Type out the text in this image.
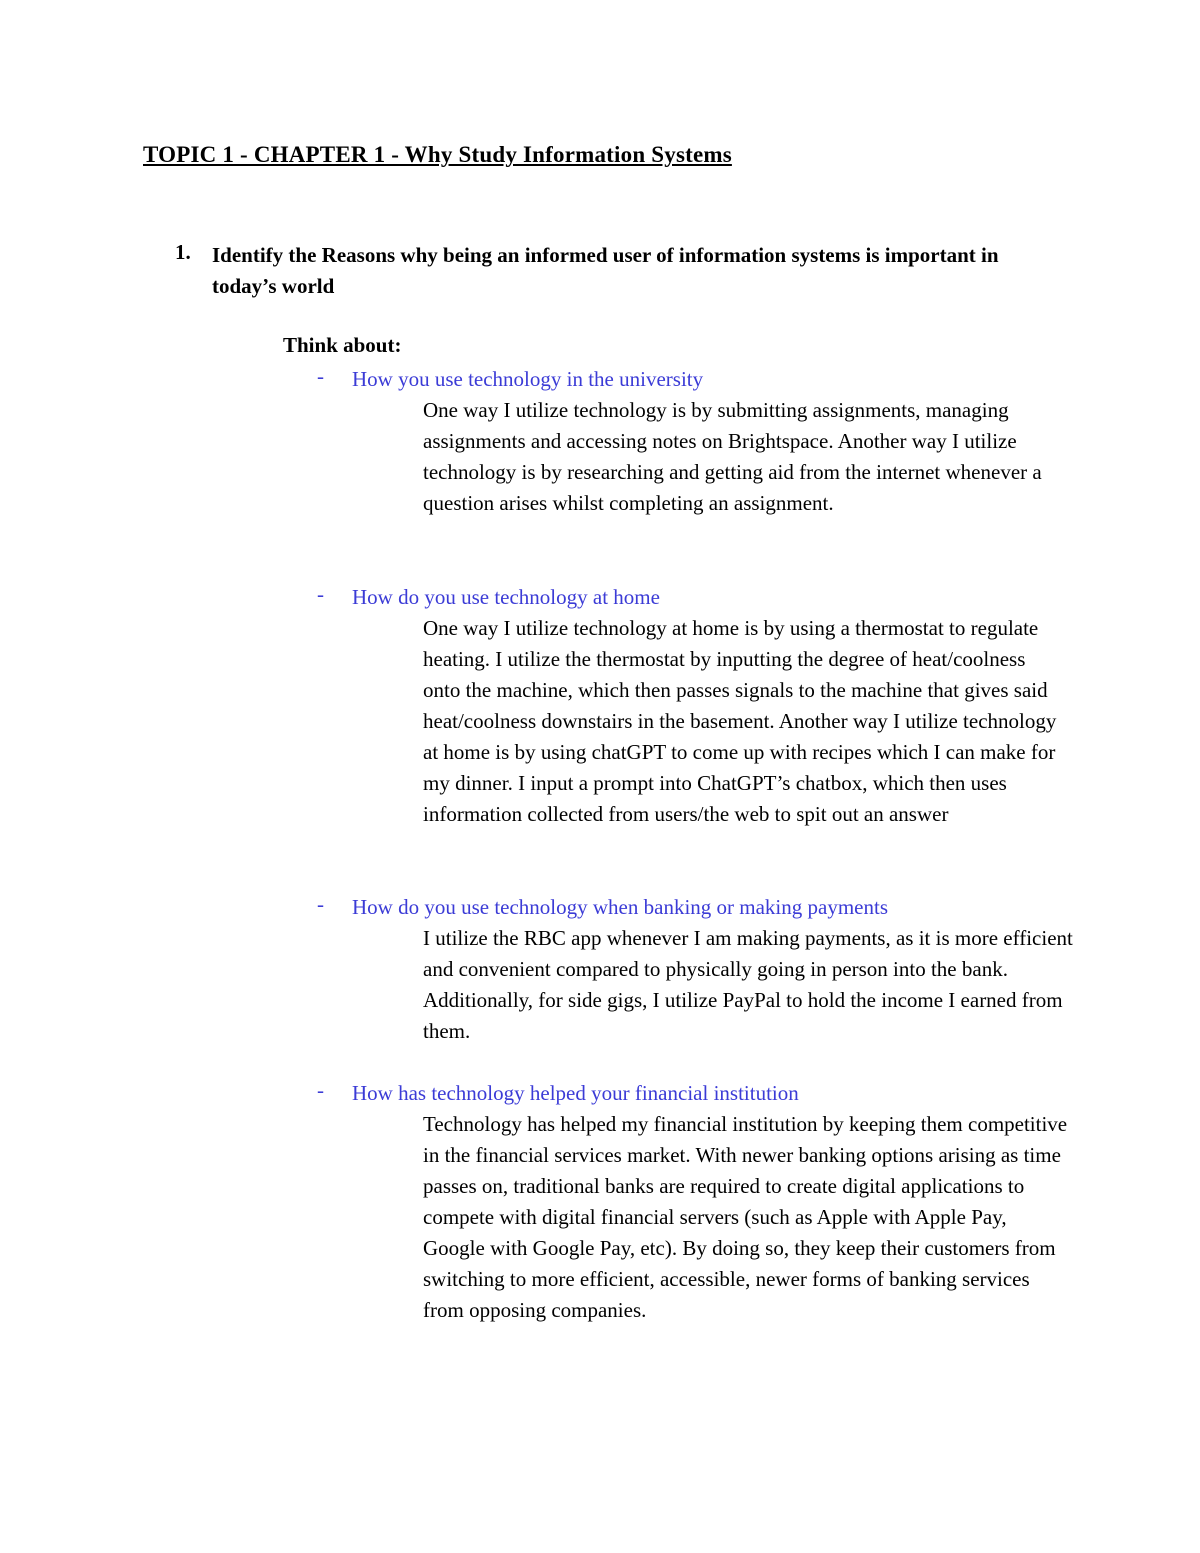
TOPIC 1 - CHAPTER 1 - Why Study Information Systems
1. Identify the Reasons why being an informed user of information systems is important in today’s world
Think about:
- How you use technology in the university
One way I utilize technology is by submitting assignments, managing assignments and accessing notes on Brightspace. Another way I utilize technology is by researching and getting aid from the internet whenever a question arises whilst completing an assignment.
- How do you use technology at home
One way I utilize technology at home is by using a thermostat to regulate heating. I utilize the thermostat by inputting the degree of heat/coolness onto the machine, which then passes signals to the machine that gives said heat/coolness downstairs in the basement. Another way I utilize technology at home is by using chatGPT to come up with recipes which I can make for my dinner. I input a prompt into ChatGPT’s chatbox, which then uses information collected from users/the web to spit out an answer
- How do you use technology when banking or making payments
I utilize the RBC app whenever I am making payments, as it is more efficient and convenient compared to physically going in person into the bank. Additionally, for side gigs, I utilize PayPal to hold the income I earned from them.
- How has technology helped your financial institution
Technology has helped my financial institution by keeping them competitive in the financial services market. With newer banking options arising as time passes on, traditional banks are required to create digital applications to compete with digital financial servers (such as Apple with Apple Pay, Google with Google Pay, etc). By doing so, they keep their customers from switching to more efficient, accessible, newer forms of banking services from opposing companies.
